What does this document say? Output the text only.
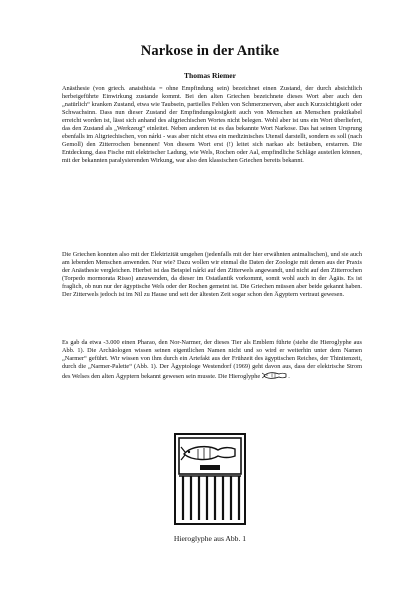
Narkose in der Antike
Thomas Riemer

Anästhesie (von griech. anaisthisia = ohne Empfindung sein) bezeichnet einen Zustand, der durch absichtlich herbeigeführte Einwirkung zustande kommt. Bei den alten Griechen bezeichnete dieses Wort aber auch den „natürlich“ kranken Zustand, etwa wie Taubsein, partielles Fehlen von Schmerznerven, aber auch Kurzsichtigkeit oder Schwachsinn. Dass nun dieser Zustand der Empfindungslosigkeit auch von Menschen an Menschen praktikabel erreicht worden ist, lässt sich anhand des altgriechischen Wortes nicht belegen. Wohl aber ist uns ein Wort überliefert, das den Zustand als „Werkzeug“ einleitet. Neben anderen ist es das bekannte Wort Narkose. Das hat seinen Ursprung ebenfalls im Altgriechischen, von nárki - was aber nicht etwa ein medizinisches Utensil darstellt, sondern es soll (nach Gemoll) den Zitterrochen benennen! Von diesem Wort erst (!) leitet sich narkao ab: betäuben, erstarren. Die Entdeckung, dass Fische mit elektrischer Ladung, wie Wels, Rochen oder Aal, empfindliche Schläge austeilen können, mit der bekannten paralysierenden Wirkung, war also den klassischen Griechen bereits bekannt.

Die Griechen konnten also mit der Elektrizität umgehen (jedenfalls mit der hier erwähnten animalischen), und sie auch am lebenden Menschen anwenden. Nur wie? Dazu wollen wir einmal die Daten der Zoologie mit denen aus der Praxis der Anästhesie vergleichen. Hierbei ist das Beispiel nárki auf den Zitterwels angewandt, und nicht auf den Zitterrochen (Torpedo mormorata Risso) anzuwenden, da dieser im Ostatlantik vorkommt, somit wohl auch in der Ägäis. Es ist fraglich, ob nun nur der ägyptische Wels oder der Rochen gemeint ist. Die Griechen müssen aber beide gekannt haben. Der Zitterwels jedoch ist im Nil zu Hause und seit der ältesten Zeit sogar schon den Ägyptern vertraut gewesen.

Es gab da etwa -3.000 einen Pharao, den Nor-Narmer, der dieses Tier als Emblem führte (siehe die Hieroglyphe aus Abb. 1). Die Archäologen wissen seinen eigentlichen Namen nicht und so wird er weiterhin unter dem Namen „Narmer“ geführt. Wir wissen von ihm durch ein Artefakt aus der Frühzeit des ägyptischen Reiches, der Thinitenzeit, durch die „Narmer-Palette“ (Abb. 1). Der Ägyptologe Westendorf (1969) geht davon aus, dass der elektrische Strom des Welses den alten Ägyptern bekannt gewesen sein musste. Die Hieroglyphe	.

Hieroglyphe aus Abb. 1
